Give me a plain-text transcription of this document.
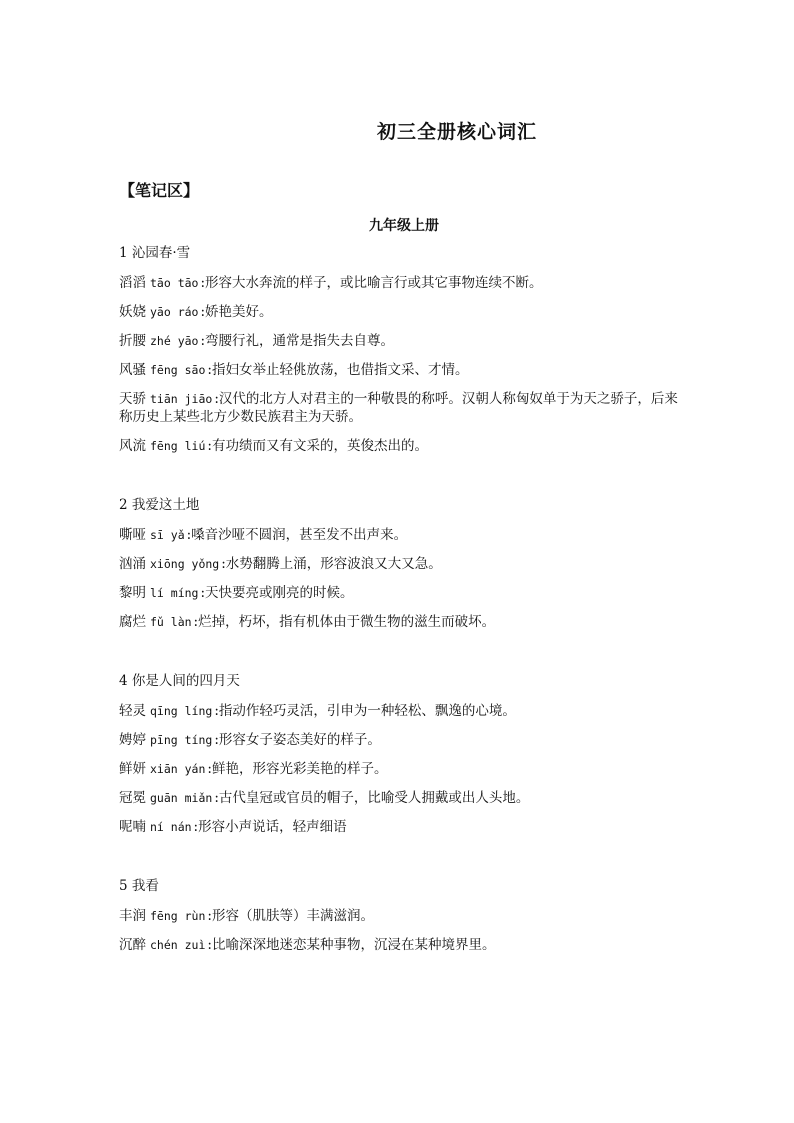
初三全册核心词汇
【笔记区】
九年级上册
1 沁园春·雪
滔滔 tāo tāo :形容大水奔流的样子，或比喻言行或其它事物连续不断。
妖娆 yāo ráo :娇艳美好。
折腰 zhé yāo :弯腰行礼，通常是指失去自尊。
风骚 fēng sāo :指妇女举止轻佻放荡，也借指文采、才情。
天骄 tiān jiāo :汉代的北方人对君主的一种敬畏的称呼。汉朝人称匈奴单于为天之骄子，后来称历史上某些北方少数民族君主为天骄。
风流 fēng liú :有功绩而又有文采的，英俊杰出的。
2 我爱这土地
嘶哑 sī yǎ :嗓音沙哑不圆润，甚至发不出声来。
汹涌 xiōng yǒng :水势翻腾上涌，形容波浪又大又急。
黎明 lí míng :天快要亮或刚亮的时候。
腐烂 fǔ làn :烂掉，朽坏，指有机体由于微生物的滋生而破坏。
4 你是人间的四月天
轻灵 qīng líng :指动作轻巧灵活，引申为一种轻松、飘逸的心境。
娉婷 pīng tíng :形容女子姿态美好的样子。
鲜妍 xiān yán :鲜艳，形容光彩美艳的样子。
冠冕 guān miǎn :古代皇冠或官员的帽子，比喻受人拥戴或出人头地。
呢喃 ní nán :形容小声说话，轻声细语
5 我看
丰润 fēng rùn :形容（肌肤等）丰满滋润。
沉醉 chén zuì :比喻深深地迷恋某种事物，沉浸在某种境界里。
